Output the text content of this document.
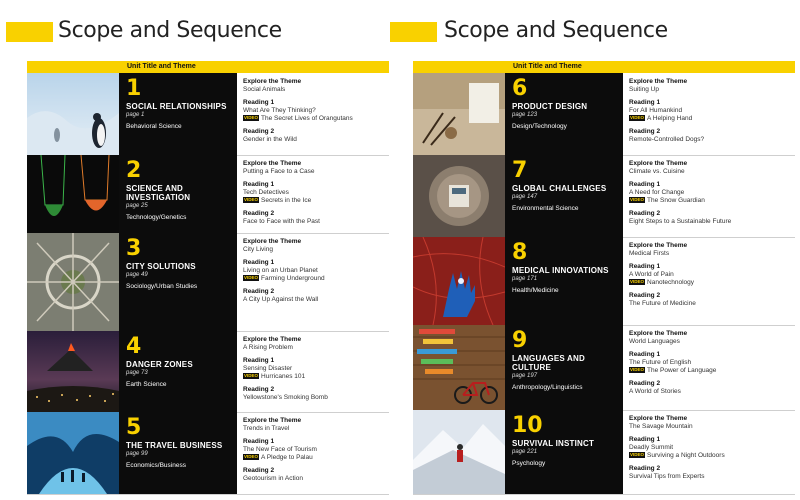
Scope and Sequence
Unit Title and Theme
1
SOCIAL RELATIONSHIPS
page 1
Behavioral Science
Explore the Theme
Social Animals
Reading 1
What Are They Thinking?
VIDEO The Secret Lives of Orangutans
Reading 2
Gender in the Wild
2
SCIENCE AND INVESTIGATION
page 25
Technology/Genetics
Explore the Theme
Putting a Face to a Case
Reading 1
Tech Detectives
VIDEO Secrets in the Ice
Reading 2
Face to Face with the Past
3
CITY SOLUTIONS
page 49
Sociology/Urban Studies
Explore the Theme
City Living
Reading 1
Living on an Urban Planet
VIDEO Farming Underground
Reading 2
A City Up Against the Wall
4
DANGER ZONES
page 73
Earth Science
Explore the Theme
A Rising Problem
Reading 1
Sensing Disaster
VIDEO Hurricanes 101
Reading 2
Yellowstone's Smoking Bomb
5
THE TRAVEL BUSINESS
page 99
Economics/Business
Explore the Theme
Trends in Travel
Reading 1
The New Face of Tourism
VIDEO A Pledge to Palau
Reading 2
Geotourism in Action
Scope and Sequence
Unit Title and Theme
6
PRODUCT DESIGN
page 123
Design/Technology
Explore the Theme
Suiting Up
Reading 1
For All Humankind
VIDEO A Helping Hand
Reading 2
Remote-Controlled Dogs?
7
GLOBAL CHALLENGES
page 147
Environmental Science
Explore the Theme
Climate vs. Cuisine
Reading 1
A Need for Change
VIDEO The Snow Guardian
Reading 2
Eight Steps to a Sustainable Future
8
MEDICAL INNOVATIONS
page 171
Health/Medicine
Explore the Theme
Medical Firsts
Reading 1
A World of Pain
VIDEO Nanotechnology
Reading 2
The Future of Medicine
9
LANGUAGES AND CULTURE
page 197
Anthropology/Linguistics
Explore the Theme
World Languages
Reading 1
The Future of English
VIDEO The Power of Language
Reading 2
A World of Stories
10
SURVIVAL INSTINCT
page 221
Psychology
Explore the Theme
The Savage Mountain
Reading 1
Deadly Summit
VIDEO Surviving a Night Outdoors
Reading 2
Survival Tips from Experts
